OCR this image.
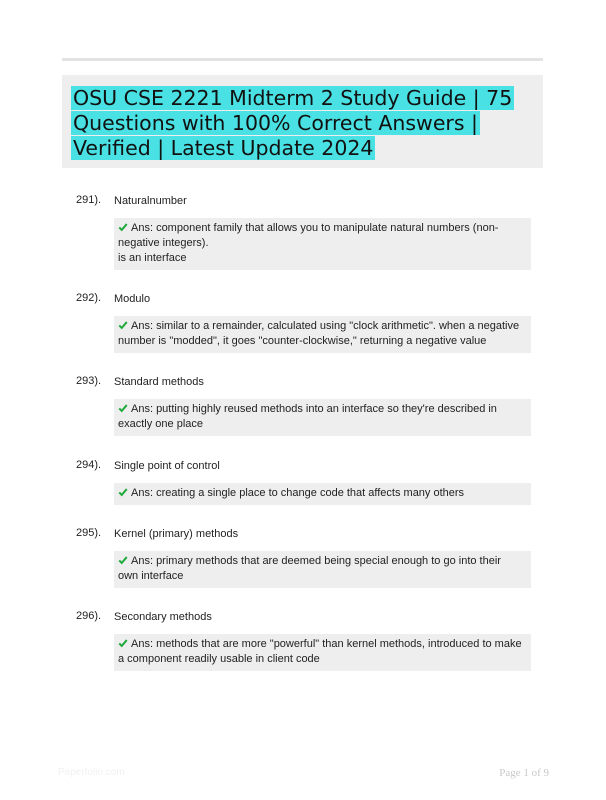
OSU CSE 2221 Midterm 2 Study Guide | 75 Questions with 100% Correct Answers | Verified | Latest Update 2024
291). Naturalnumber
Ans: component family that allows you to manipulate natural numbers (non-negative integers).
is an interface
292). Modulo
Ans: similar to a remainder, calculated using "clock arithmetic". when a negative number is "modded", it goes "counter-clockwise," returning a negative value
293). Standard methods
Ans: putting highly reused methods into an interface so they're described in exactly one place
294). Single point of control
Ans: creating a single place to change code that affects many others
295). Kernel (primary) methods
Ans: primary methods that are deemed being special enough to go into their own interface
296). Secondary methods
Ans: methods that are more "powerful" than kernel methods, introduced to make a component readily usable in client code
Paperfolio.com	Page 1 of 9
